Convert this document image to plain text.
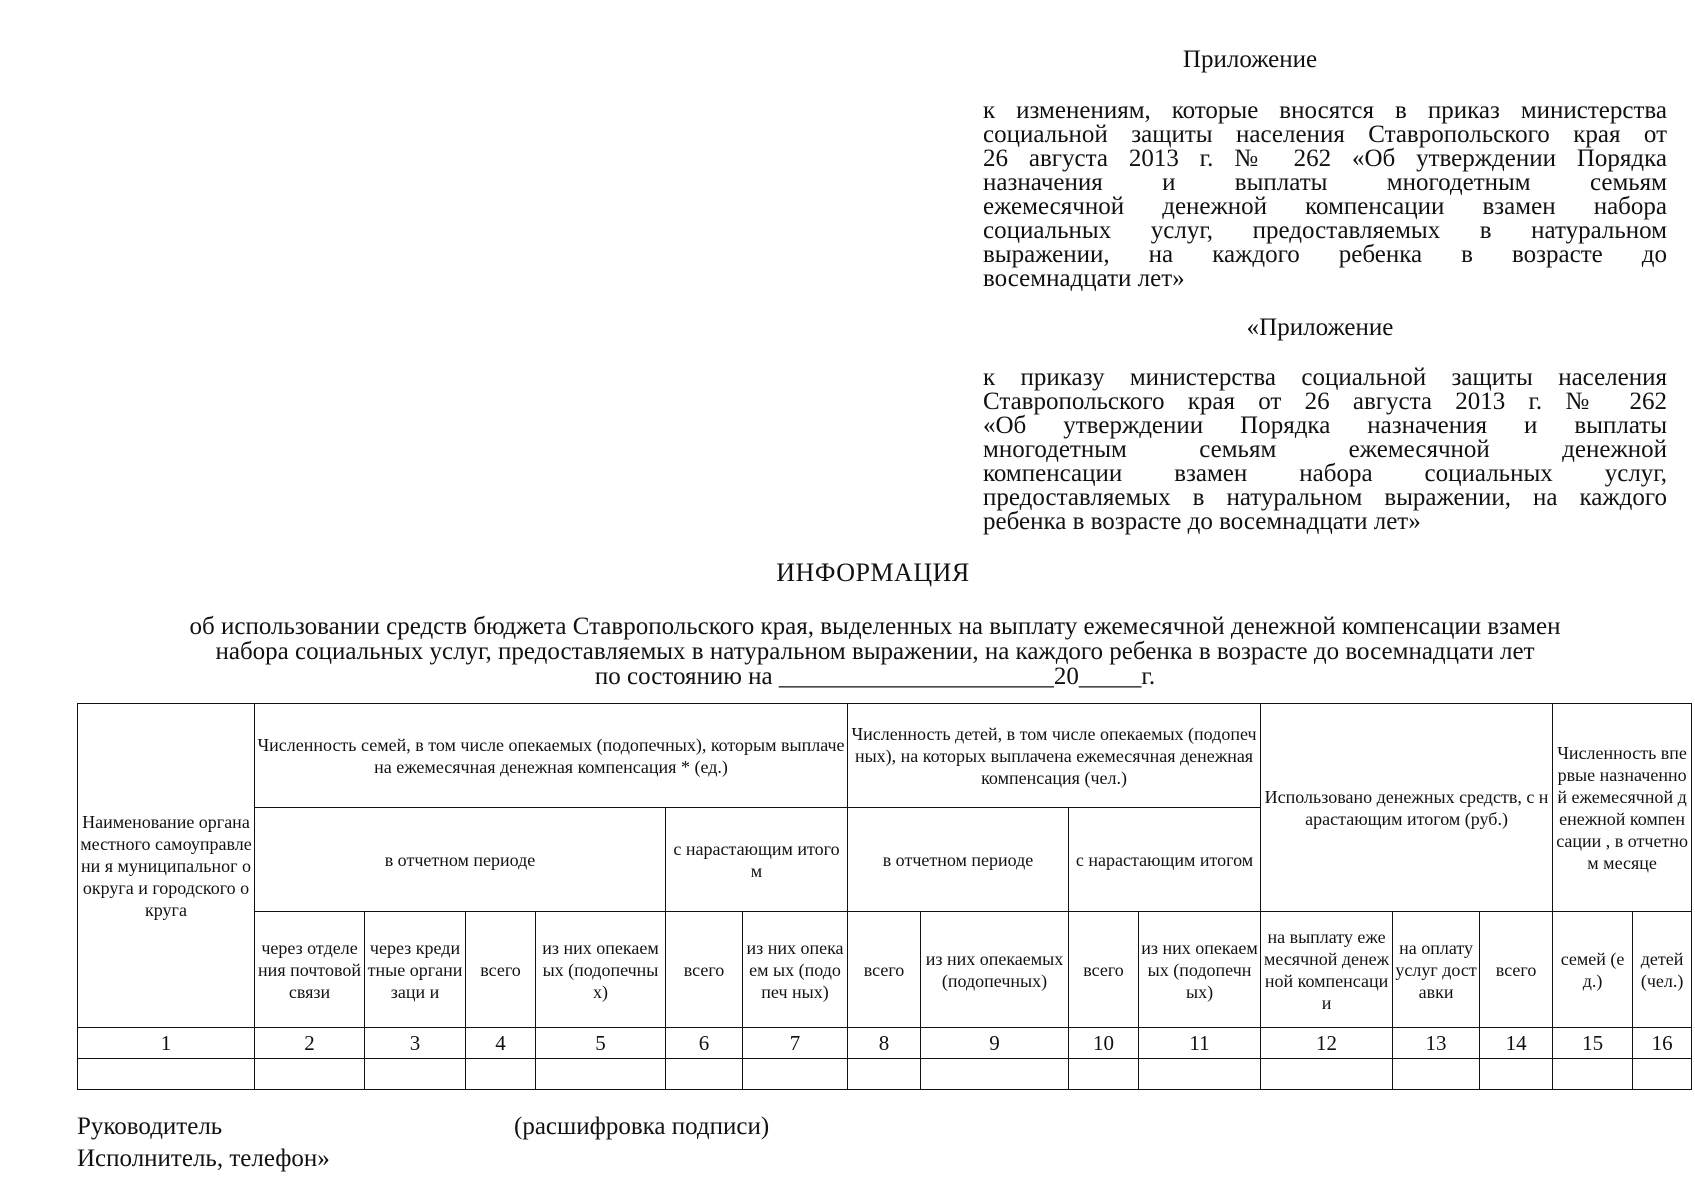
Приложение
к изменениям, которые вносятся в приказ министерства
социальной защиты населения Ставропольского края от
26 августа 2013 г. № 262 «Об утверждении Порядка
назначения и выплаты многодетным семьям
ежемесячной денежной компенсации взамен набора
социальных услуг, предоставляемых в натуральном
выражении, на каждого ребенка в возрасте до
восемнадцати лет»
«Приложение
к приказу министерства социальной защиты населения
Ставропольского края от 26 августа 2013 г. № 262
«Об утверждении Порядка назначения и выплаты
многодетным семьям ежемесячной денежной
компенсации взамен набора социальных услуг,
предоставляемых в натуральном выражении, на каждого
ребенка в возрасте до восемнадцати лет»
ИНФОРМАЦИЯ
об использовании средств бюджета Ставропольского края, выделенных на выплату ежемесячной денежной компенсации взамен
набора социальных услуг, предоставляемых в натуральном выражении, на каждого ребенка в возрасте до восемнадцати лет
по состоянию на ______________________20_____г.
Наименование органа местного самоуправлени я муниципальног о округа и городского округа	Численность семей, в том числе опекаемых (подопечных), которым выплачена ежемесячная денежная компенсация * (ед.)						Численность детей, в том числе опекаемых (подопечных), на которых выплачена ежемесячная денежная компенсация (чел.)				Использовано денежных средств, с нарастающим итогом (руб.)			Численность впервые назначенной ежемесячной денежной компенсации , в отчетном месяце	
	в отчетном периоде				с нарастающим итогом		в отчетном периоде		с нарастающим итогом						
	через отделения почтовой связи	через кредитные организаци и	всего	из них опекаемых (подопечны х)	всего	из них опекаем ых (подопеч ных)	всего	из них опекаемых (подопечных)	всего	из них опекаемых (подопечн ых)	на выплату ежемесячной денежной компенсации	на оплату услуг доставки	всего	семей (ед.)	детей (чел.)
1	2	3	4	5	6	7	8	9	10	11	12	13	14	15	16

Руководитель	(расшифровка подписи)
Исполнитель, телефон»
